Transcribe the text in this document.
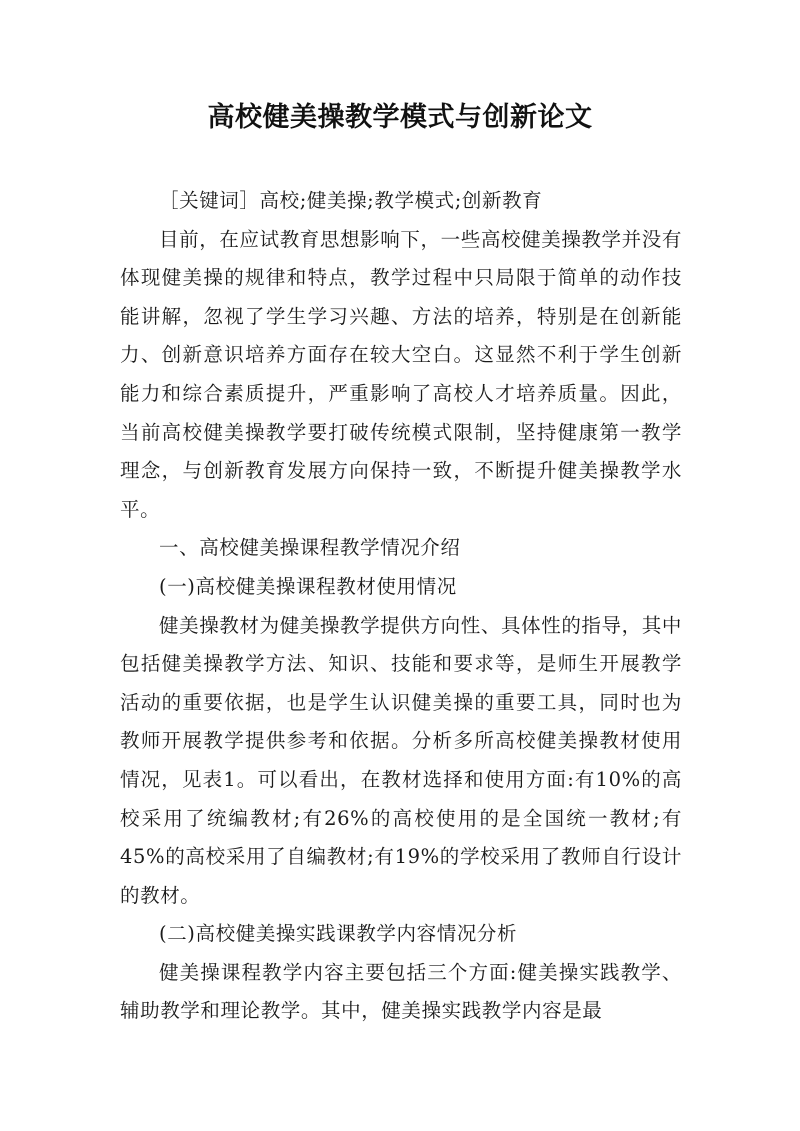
高校健美操教学模式与创新论文

［关键词］高校;健美操;教学模式;创新教育

目前，在应试教育思想影响下，一些高校健美操教学并没有体现健美操的规律和特点，教学过程中只局限于简单的动作技能讲解，忽视了学生学习兴趣、方法的培养，特别是在创新能力、创新意识培养方面存在较大空白。这显然不利于学生创新能力和综合素质提升，严重影响了高校人才培养质量。因此，当前高校健美操教学要打破传统模式限制，坚持健康第一教学理念，与创新教育发展方向保持一致，不断提升健美操教学水平。

一、高校健美操课程教学情况介绍

(一)高校健美操课程教材使用情况

健美操教材为健美操教学提供方向性、具体性的指导，其中包括健美操教学方法、知识、技能和要求等，是师生开展教学活动的重要依据，也是学生认识健美操的重要工具，同时也为教师开展教学提供参考和依据。分析多所高校健美操教材使用情况，见表1。可以看出，在教材选择和使用方面:有10%的高校采用了统编教材;有26%的高校使用的是全国统一教材;有45%的高校采用了自编教材;有19%的学校采用了教师自行设计的教材。

(二)高校健美操实践课教学内容情况分析

健美操课程教学内容主要包括三个方面:健美操实践教学、辅助教学和理论教学。其中，健美操实践教学内容是最
